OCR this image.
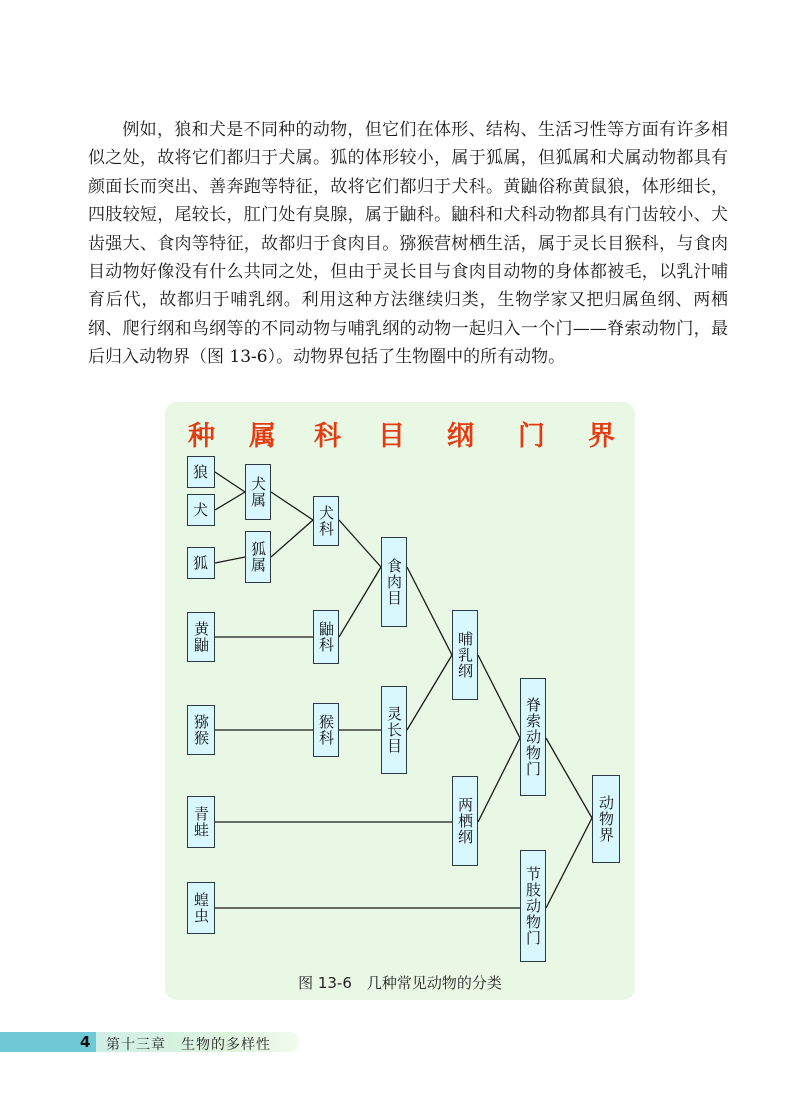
例如，狼和犬是不同种的动物，但它们在体形、结构、生活习性等方面有许多相似之处，故将它们都归于犬属。狐的体形较小，属于狐属，但狐属和犬属动物都具有颜面长而突出、善奔跑等特征，故将它们都归于犬科。黄鼬俗称黄鼠狼，体形细长，四肢较短，尾较长，肛门处有臭腺，属于鼬科。鼬科和犬科动物都具有门齿较小、犬齿强大、食肉等特征，故都归于食肉目。猕猴营树栖生活，属于灵长目猴科，与食肉目动物好像没有什么共同之处，但由于灵长目与食肉目动物的身体都被毛，以乳汁哺育后代，故都归于哺乳纲。利用这种方法继续归类，生物学家又把归属鱼纲、两栖纲、爬行纲和鸟纲等的不同动物与哺乳纲的动物一起归入一个门——脊索动物门，最后归入动物界（图 13-6）。动物界包括了生物圈中的所有动物。

种 属 科 目 纲 门 界
狼
犬
狐
黄鼬
猕猴
青蛙
蝗虫
犬属
狐属
犬科
鼬科
猴科
食肉目
灵长目
哺乳纲
两栖纲
脊索动物门
节肢动物门
动物界
图 13-6　 几种常见动物的分类
4 第十三章　生物的多样性
